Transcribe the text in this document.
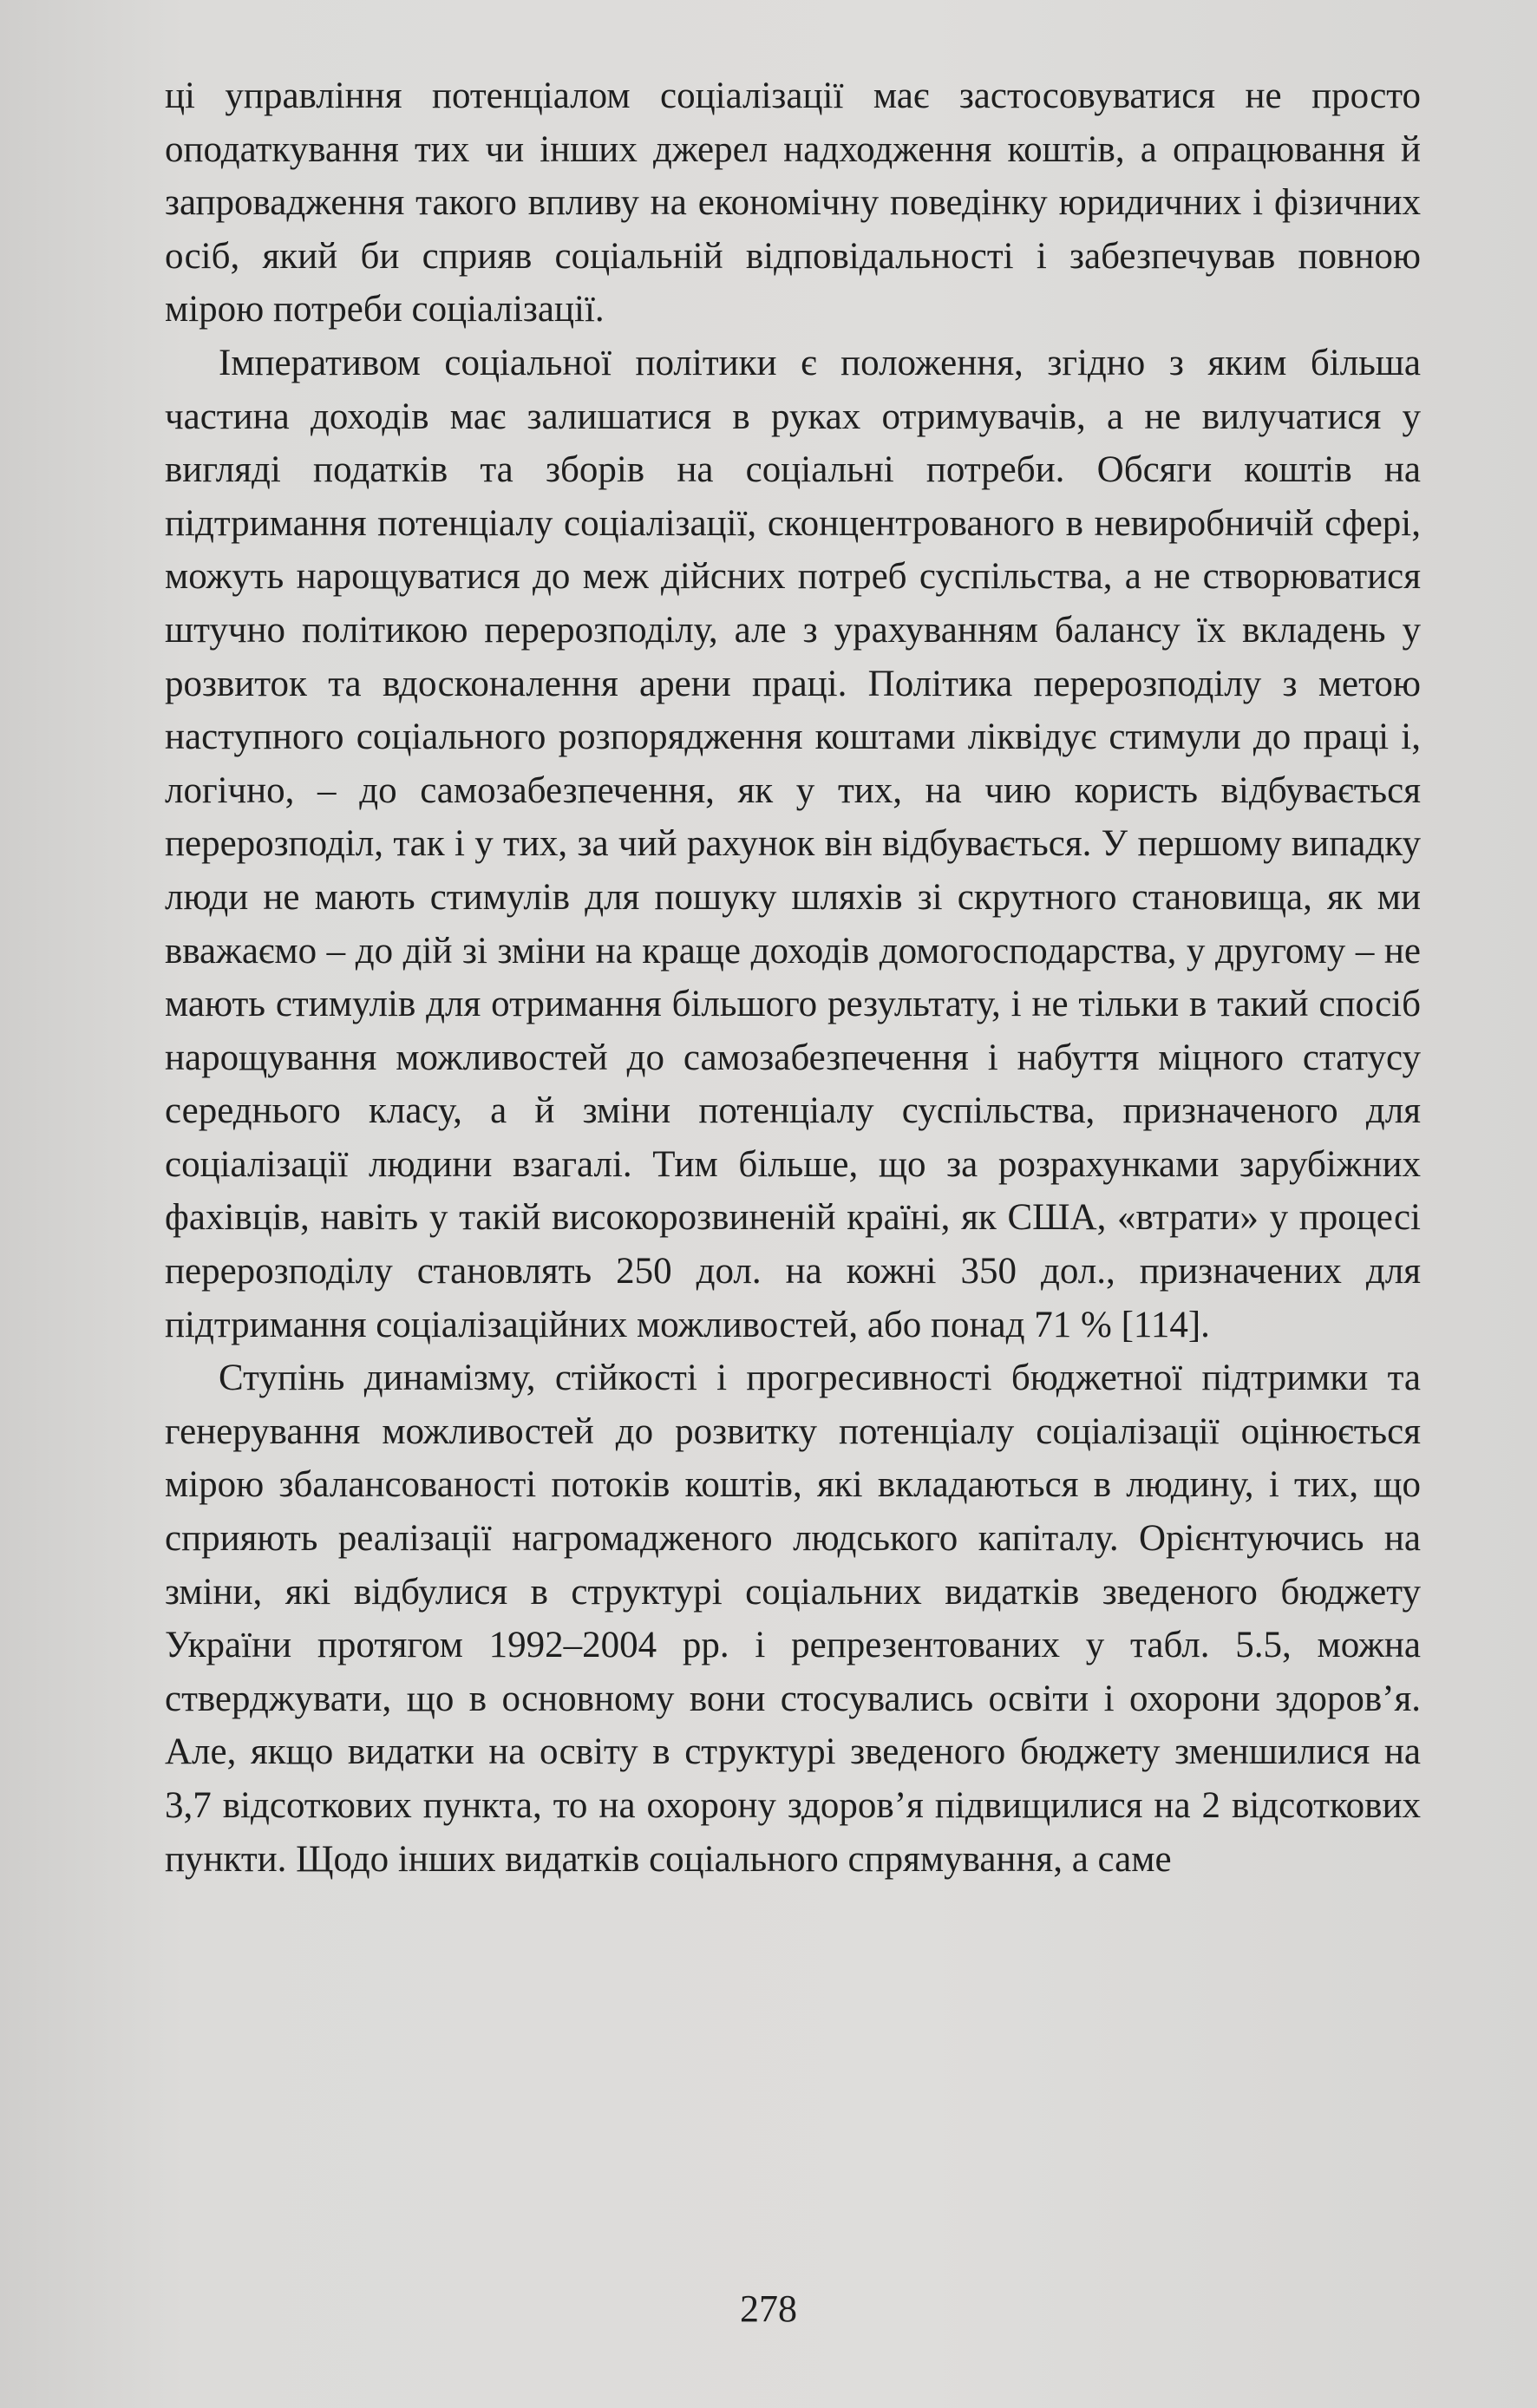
ці управління потенціалом соціалізації має застосовуватися не просто оподаткування тих чи інших джерел надходження коштів, а опрацювання й запровадження такого впливу на економічну поведінку юридичних і фізичних осіб, який би сприяв соціальній відповідальності і забезпечував повною мірою потреби соціалізації.

Імперативом соціальної політики є положення, згідно з яким більша частина доходів має залишатися в руках отримувачів, а не вилучатися у вигляді податків та зборів на соціальні потреби. Обсяги коштів на підтримання потенціалу соціалізації, сконцентрованого в невиробничій сфері, можуть нарощуватися до меж дійсних потреб суспільства, а не створюватися штучно політикою перерозподілу, але з урахуванням балансу їх вкладень у розвиток та вдосконалення арени праці. Політика перерозподілу з метою наступного соціального розпорядження коштами ліквідує стимули до праці і, логічно, – до самозабезпечення, як у тих, на чию користь відбувається перерозподіл, так і у тих, за чий рахунок він відбувається. У першому випадку люди не мають стимулів для пошуку шляхів зі скрутного становища, як ми вважаємо – до дій зі зміни на краще доходів домогосподарства, у другому – не мають стимулів для отримання більшого результату, і не тільки в такий спосіб нарощування можливостей до самозабезпечення і набуття міцного статусу середнього класу, а й зміни потенціалу суспільства, призначеного для соціалізації людини взагалі. Тим більше, що за розрахунками зарубіжних фахівців, навіть у такій високорозвиненій країні, як США, «втрати» у процесі перерозподілу становлять 250 дол. на кожні 350 дол., призначених для підтримання соціалізаційних можливостей, або понад 71 % [114].

Ступінь динамізму, стійкості і прогресивності бюджетної підтримки та генерування можливостей до розвитку потенціалу соціалізації оцінюється мірою збалансованості потоків коштів, які вкладаються в людину, і тих, що сприяють реалізації нагромадженого людського капіталу. Орієнтуючись на зміни, які відбулися в структурі соціальних видатків зведеного бюджету України протягом 1992–2004 рр. і репрезентованих у табл. 5.5, можна стверджувати, що в основному вони стосувались освіти і охорони здоров’я. Але, якщо видатки на освіту в структурі зведеного бюджету зменшилися на 3,7 відсоткових пункта, то на охорону здоров’я підвищилися на 2 відсоткових пункти. Щодо інших видатків соціального спрямування, а саме

278
